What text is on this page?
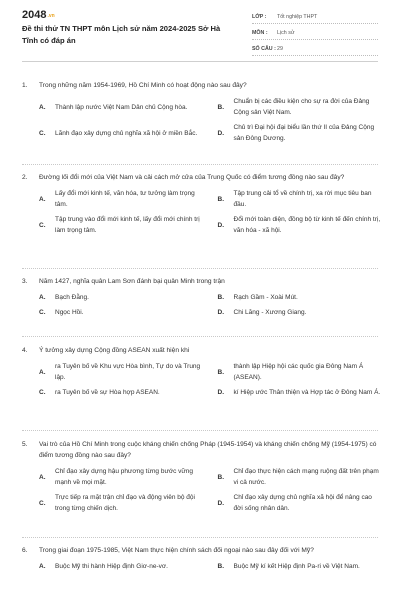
2048.vn
Đề thi thử TN THPT môn Lịch sử năm 2024-2025 Sở Hà Tĩnh có đáp án
LỚP :	Tốt nghiệp THPT
MÔN :	Lịch sử
SỐ CÂU : 29
1.	Trong những năm 1954-1969, Hồ Chí Minh có hoạt động nào sau đây?
A.	Thành lập nước Việt Nam Dân chủ Cộng hòa.	B.
Chuẩn bị các điều kiện cho sự ra đời của Đảng Cộng sản Việt Nam.
C.	Lãnh đạo xây dựng chủ nghĩa xã hội ở miền Bắc.	D.
Chủ trì Đại hội đại biểu lần thứ II của Đảng Cộng sản Đông Dương.
2.	Đường lối đổi mới của Việt Nam và cải cách mở cửa của Trung Quốc có điểm tương đồng nào sau đây?
A.
Lấy đổi mới kinh tế, văn hóa, tư tưởng làm trọng tâm.
B.
Tập trung cải tổ về chính trị, xa rời mục tiêu ban đầu.
C.
Tập trung vào đổi mới kinh tế, lấy đổi mới chính trị làm trọng tâm.
D.
Đổi mới toàn diện, đồng bộ từ kinh tế đến chính trị, văn hóa - xã hội.
3.	Năm 1427, nghĩa quân Lam Sơn đánh bại quân Minh trong trận
A.	Bạch Đằng.	B.	Rạch Gầm - Xoài Mút.
C.	Ngọc Hồi.	D.	Chi Lăng - Xương Giang.
4.	Ý tưởng xây dựng Cộng đồng ASEAN xuất hiện khi
A.
ra Tuyên bố về Khu vực Hòa bình, Tự do và Trung lập.
B.
thành lập Hiệp hội các quốc gia Đông Nam Á (ASEAN).
C.	ra Tuyên bố về sự Hòa hợp ASEAN.	D.	kí Hiệp ước Thân thiện và Hợp tác ở Đông Nam Á.
5.	Vai trò của Hồ Chí Minh trong cuộc kháng chiến chống Pháp (1945-1954) và kháng chiến chống Mỹ (1954-1975) có điểm tương đồng nào sau đây?
A.
Chỉ đạo xây dựng hậu phương từng bước vững mạnh về mọi mặt.
B.
Chỉ đạo thực hiện cách mạng ruộng đất trên phạm vi cả nước.
C.
Trực tiếp ra mặt trận chỉ đạo và động viên bộ đội trong từng chiến dịch.
D.
Chỉ đạo xây dựng chủ nghĩa xã hội để nâng cao đời sống nhân dân.
6.	Trong giai đoạn 1975-1985, Việt Nam thực hiện chính sách đối ngoại nào sau đây đối với Mỹ?
A.	Buộc Mỹ thi hành Hiệp định Giơ-ne-vơ.	B.	Buộc Mỹ kí kết Hiệp định Pa-ri về Việt Nam.
